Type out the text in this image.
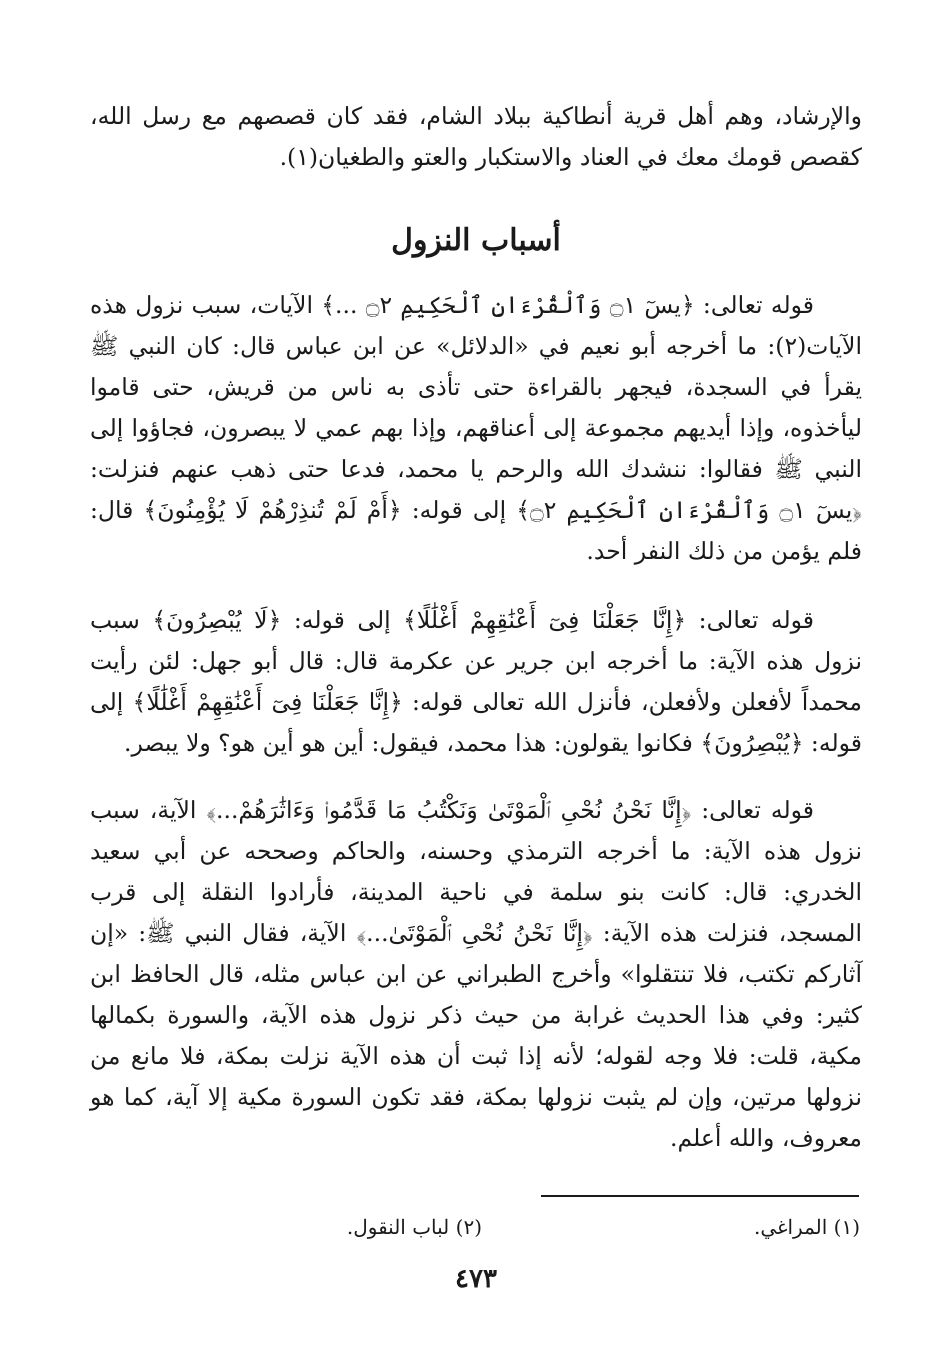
والإرشاد، وهم أهل قرية أنطاكية ببلاد الشام، فقد كان قصصهم مع رسل الله، كقصص قومك معك في العناد والاستكبار والعتو والطغيان(١).

أسباب النزول

قوله تعالى: ﴿يسٓ ۝١ وَٱلْقُرْءَانِ ٱلْحَكِيمِ ۝٢ ...﴾ الآيات، سبب نزول هذه الآيات(٢): ما أخرجه أبو نعيم في «الدلائل» عن ابن عباس قال: كان النبي ﷺ يقرأ في السجدة، فيجهر بالقراءة حتى تأذى به ناس من قريش، حتى قاموا ليأخذوه، وإذا أيديهم مجموعة إلى أعناقهم، وإذا بهم عمي لا يبصرون، فجاؤوا إلى النبي ﷺ فقالوا: ننشدك الله والرحم يا محمد، فدعا حتى ذهب عنهم فنزلت: ﴿يسٓ ۝١ وَٱلْقُرْءَانِ ٱلْحَكِيمِ ۝٢﴾ إلى قوله: ﴿أَمْ لَمْ تُنذِرْهُمْ لَا يُؤْمِنُونَ﴾ قال: فلم يؤمن من ذلك النفر أحد.

قوله تعالى: ﴿إِنَّا جَعَلْنَا فِىٓ أَعْنَٰقِهِمْ أَغْلَٰلًا﴾ إلى قوله: ﴿لَا يُبْصِرُونَ﴾ سبب نزول هذه الآية: ما أخرجه ابن جرير عن عكرمة قال: قال أبو جهل: لئن رأيت محمداً لأفعلن ولأفعلن، فأنزل الله تعالى قوله: ﴿إِنَّا جَعَلْنَا فِىٓ أَعْنَٰقِهِمْ أَغْلَٰلًا﴾ إلى قوله: ﴿يُبْصِرُونَ﴾ فكانوا يقولون: هذا محمد، فيقول: أين هو أين هو؟ ولا يبصر.

قوله تعالى: ﴿إِنَّا نَحْنُ نُحْىِ ٱلْمَوْتَىٰ وَنَكْتُبُ مَا قَدَّمُوا۟ وَءَاثَٰرَهُمْ...﴾ الآية، سبب نزول هذه الآية: ما أخرجه الترمذي وحسنه، والحاكم وصححه عن أبي سعيد الخدري: قال: كانت بنو سلمة في ناحية المدينة، فأرادوا النقلة إلى قرب المسجد، فنزلت هذه الآية: ﴿إِنَّا نَحْنُ نُحْىِ ٱلْمَوْتَىٰ...﴾ الآية، فقال النبي ﷺ: «إن آثاركم تكتب، فلا تنتقلوا» وأخرج الطبراني عن ابن عباس مثله، قال الحافظ ابن كثير: وفي هذا الحديث غرابة من حيث ذكر نزول هذه الآية، والسورة بكمالها مكية، قلت: فلا وجه لقوله؛ لأنه إذا ثبت أن هذه الآية نزلت بمكة، فلا مانع من نزولها مرتين، وإن لم يثبت نزولها بمكة، فقد تكون السورة مكية إلا آية، كما هو معروف، والله أعلم.

(١) المراغي.
(٢) لباب النقول.
٤٧٣
